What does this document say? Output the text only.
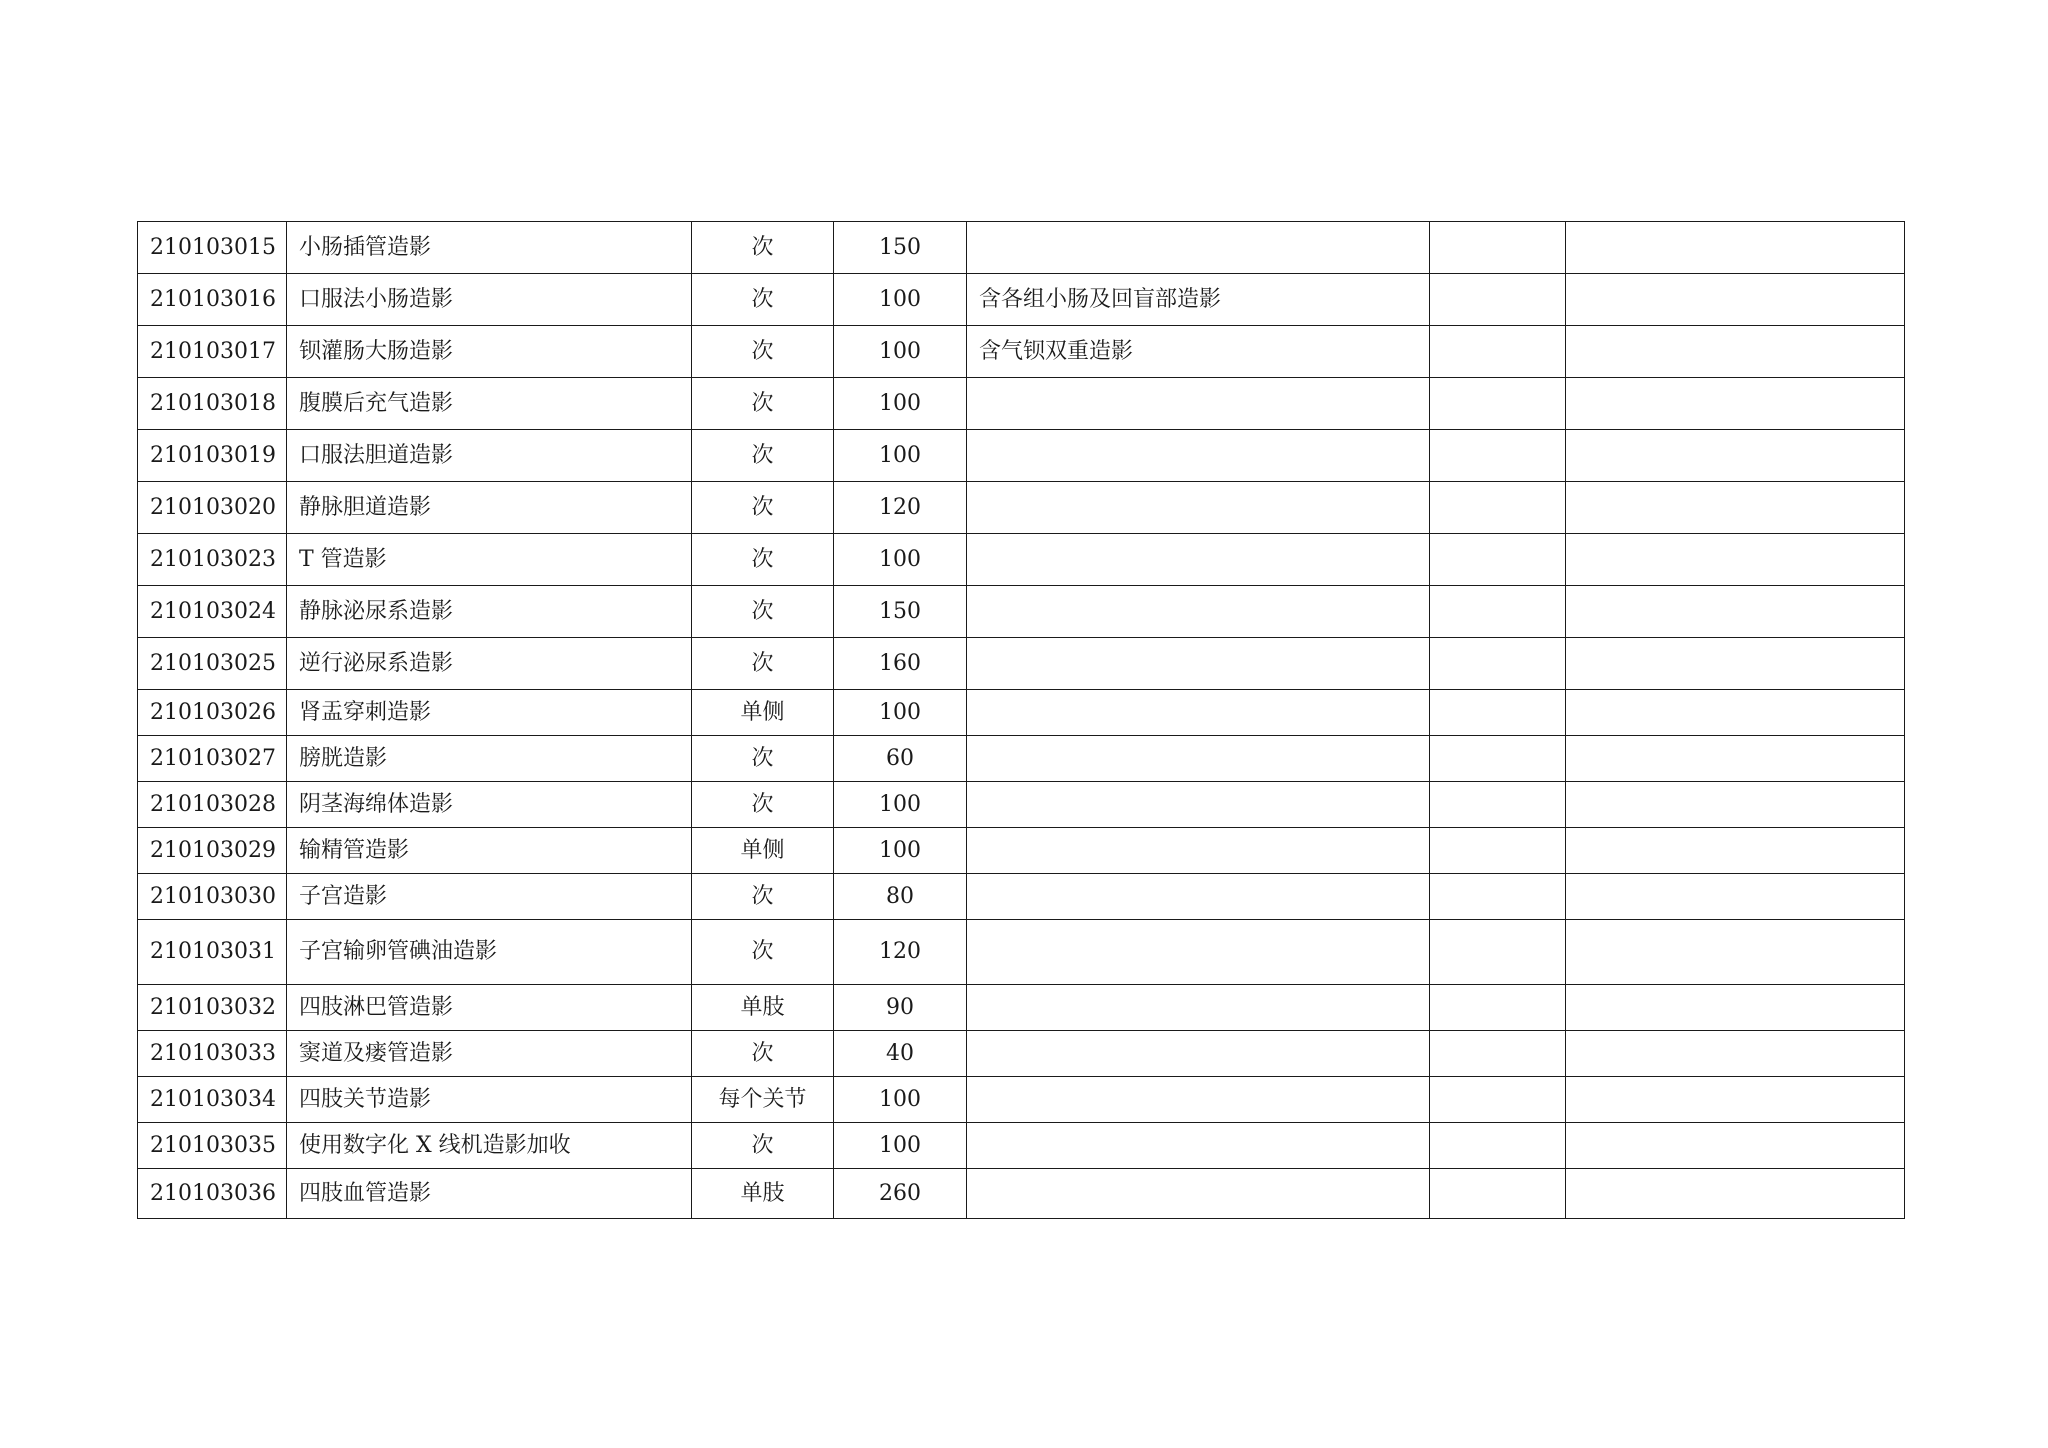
210103015	小肠插管造影	次	150			
210103016	口服法小肠造影	次	100	含各组小肠及回盲部造影		
210103017	钡灌肠大肠造影	次	100	含气钡双重造影		
210103018	腹膜后充气造影	次	100			
210103019	口服法胆道造影	次	100			
210103020	静脉胆道造影	次	120			
210103023	T 管造影	次	100			
210103024	静脉泌尿系造影	次	150			
210103025	逆行泌尿系造影	次	160			
210103026	肾盂穿刺造影	单侧	100			
210103027	膀胱造影	次	60			
210103028	阴茎海绵体造影	次	100			
210103029	输精管造影	单侧	100			
210103030	子宫造影	次	80			
210103031	子宫输卵管碘油造影	次	120			
210103032	四肢淋巴管造影	单肢	90			
210103033	窦道及瘘管造影	次	40			
210103034	四肢关节造影	每个关节	100			
210103035	使用数字化 X 线机造影加收	次	100			
210103036	四肢血管造影	单肢	260			
